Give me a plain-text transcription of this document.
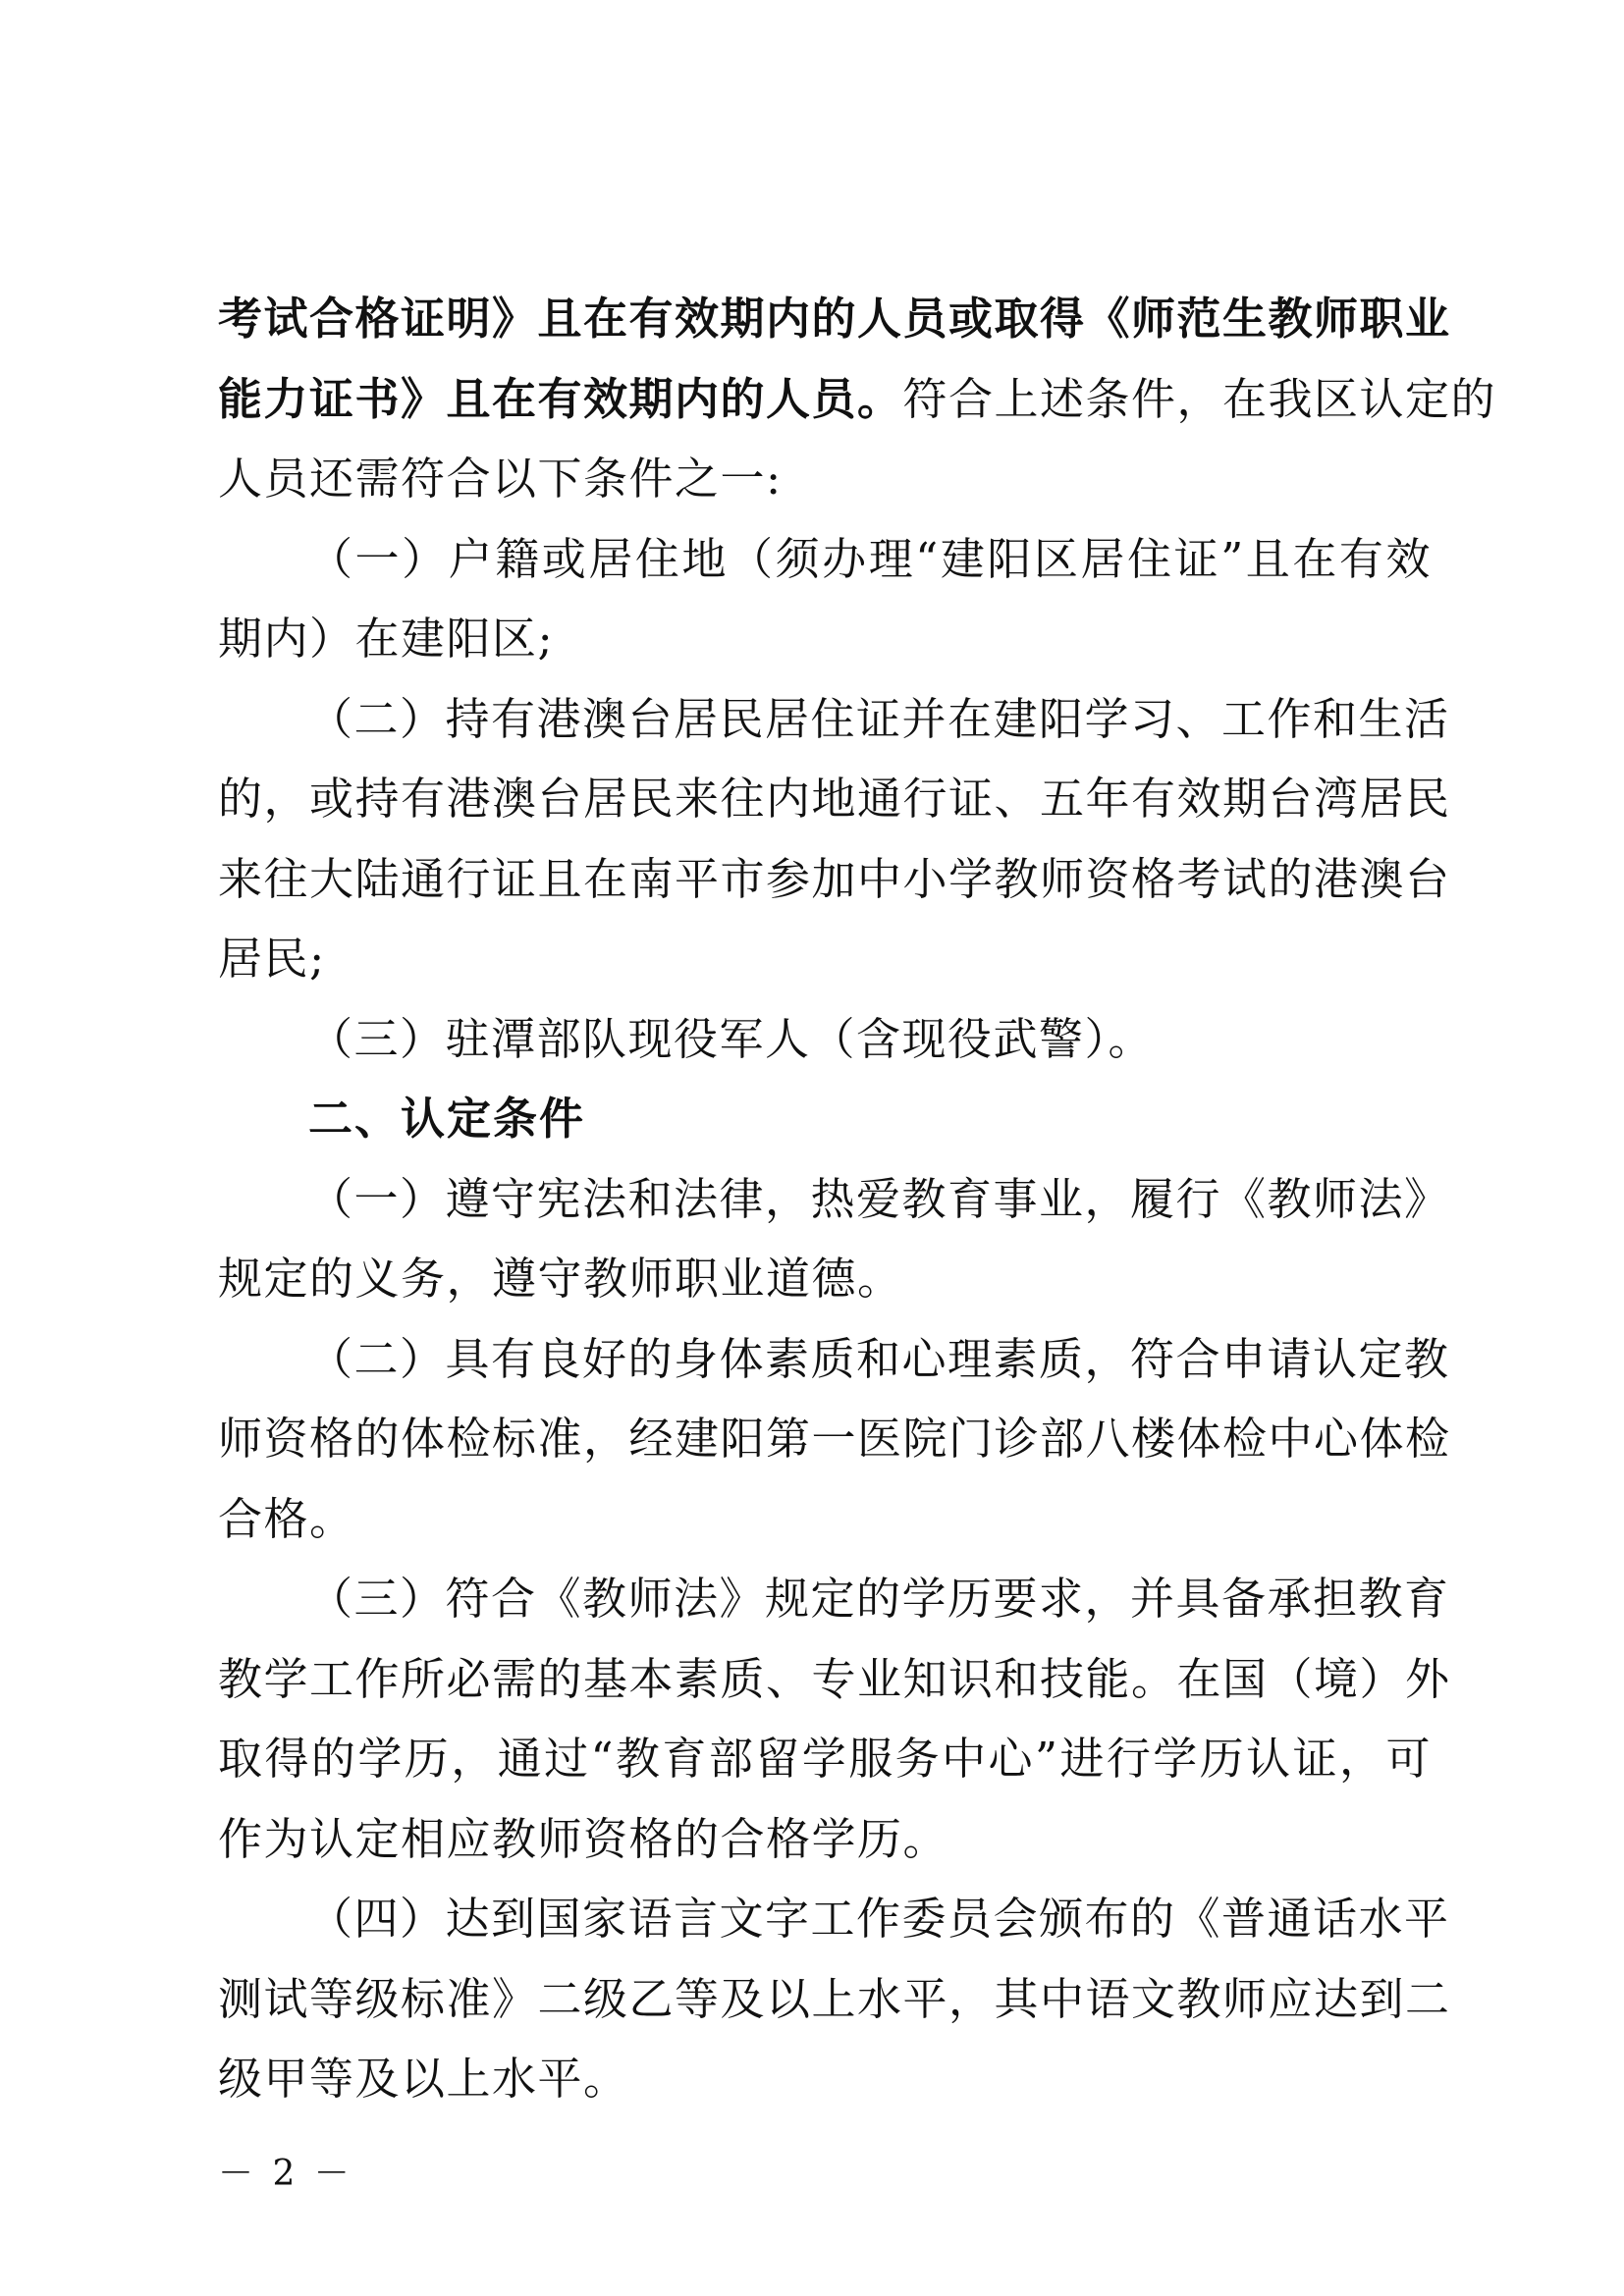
考试合格证明》且在有效期内的人员或取得《师范生教师职业
能力证书》且在有效期内的人员。符合上述条件，在我区认定的
人员还需符合以下条件之一:
（一）户籍或居住地（须办理“建阳区居住证”且在有效
期内）在建阳区;
（二）持有港澳台居民居住证并在建阳学习、工作和生活
的，或持有港澳台居民来往内地通行证、五年有效期台湾居民
来往大陆通行证且在南平市参加中小学教师资格考试的港澳台
居民;
（三）驻潭部队现役军人（含现役武警）。
二、认定条件
（一）遵守宪法和法律，热爱教育事业，履行《教师法》
规定的义务，遵守教师职业道德。
（二）具有良好的身体素质和心理素质，符合申请认定教
师资格的体检标准，经建阳第一医院门诊部八楼体检中心体检
合格。
（三）符合《教师法》规定的学历要求，并具备承担教育
教学工作所必需的基本素质、专业知识和技能。在国（境）外
取得的学历，通过“教育部留学服务中心”进行学历认证，可
作为认定相应教师资格的合格学历。
（四）达到国家语言文字工作委员会颁布的《普通话水平
测试等级标准》二级乙等及以上水平，其中语文教师应达到二
级甲等及以上水平。
－ 2 －
